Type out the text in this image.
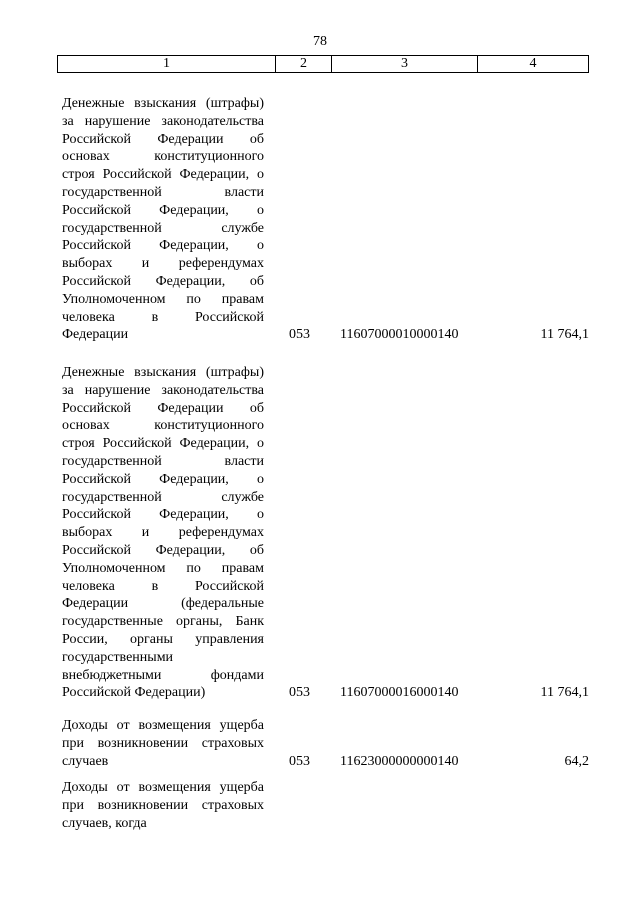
78
1	2	3	4
Денежные взыскания (штрафы)
за нарушение законодательства
Российской Федерации об
основах конституционного
строя Российской Федерации, о
государственной власти
Российской Федерации, о
государственной службе
Российской Федерации, о
выборах и референдумах
Российской Федерации, об
Уполномоченном по правам
человека в Российской
Федерации	053	11607000010000140	11 764,1
Денежные взыскания (штрафы)
за нарушение законодательства
Российской Федерации об
основах конституционного
строя Российской Федерации, о
государственной власти
Российской Федерации, о
государственной службе
Российской Федерации, о
выборах и референдумах
Российской Федерации, об
Уполномоченном по правам
человека в Российской
Федерации (федеральные
государственные органы, Банк
России, органы управления
государственными
внебюджетными фондами
Российской Федерации)	053	11607000016000140	11 764,1
Доходы от возмещения ущерба
при возникновении страховых
случаев	053	11623000000000140	64,2
Доходы от возмещения ущерба
при возникновении страховых
случаев, когда
